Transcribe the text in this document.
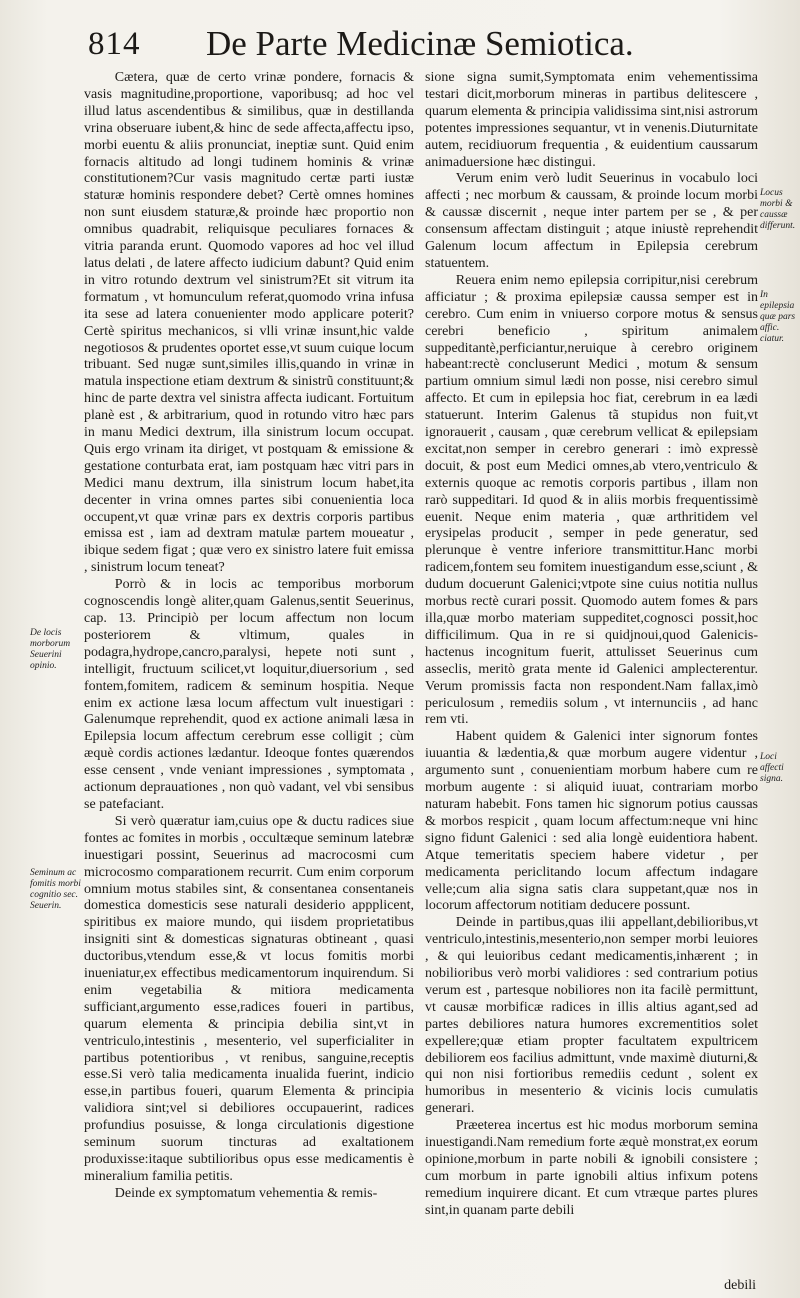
814 De Parte Medicinæ Semiotica.

Cætera, quæ de certo vrinæ pondere, fornacis & vasis magnitudine,proportione, vaporibusq; ad hoc vel illud latus ascendentibus & similibus, quæ in destillanda vrina obseruare iubent,& hinc de sede affecta,affectu ipso, morbi euentu & aliis pronunciat, ineptiæ sunt. Quid enim fornacis altitudo ad longi tudinem hominis & vrinæ constitutionem?Cur vasis magnitudo certæ parti iustæ staturæ hominis respondere debet? Certè omnes homines non sunt eiusdem staturæ,& proinde hæc proportio non omnibus quadrabit, reliquisque peculiares fornaces & vitria paranda erunt. Quomodo vapores ad hoc vel illud latus delati , de latere affecto iudicium dabunt? Quid enim in vitro rotundo dextrum vel sinistrum?Et sit vitrum ita formatum , vt homunculum referat,quomodo vrina infusa ita sese ad latera conuenienter modo applicare poterit? Certè spiritus mechanicos, si vlli vrinæ insunt,hic valde negotiosos & prudentes oportet esse,vt suum cuique locum tribuant. Sed nugæ sunt,similes illis,quando in vrinæ in matula inspectione etiam dextrum & sinistrũ constituunt;& hinc de parte dextra vel sinistra affecta iudicant. Fortuitum planè est , & arbitrarium, quod in rotundo vitro hæc pars in manu Medici dextrum, illa sinistrum locum occupat. Quis ergo vrinam ita diriget, vt postquam & emissione & gestatione conturbata erat, iam postquam hæc vitri pars in Medici manu dextrum, illa sinistrum locum habet,ita decenter in vrina omnes partes sibi conuenientia loca occupent,vt quæ vrinæ pars ex dextris corporis partibus emissa est , iam ad dextram matulæ partem moueatur , ibique sedem figat ; quæ vero ex sinistro latere fuit emissa , sinistrum locum teneat?

Porrò & in locis ac temporibus morborum cognoscendis longè aliter,quam Galenus,sentit Seuerinus, cap. 13. Principiò per locum affectum non locum posteriorem & vltimum, quales in podagra,hydrope,cancro,paralysi, hepete noti sunt , intelligit, fructuum scilicet,vt loquitur,diuersorium , sed fontem,fomitem, radicem & seminum hospitia. Neque enim ex actione læsa locum affectum vult inuestigari : Galenumque reprehendit, quod ex actione animali læsa in Epilepsia locum affectum cerebrum esse colligit ; cùm æquè cordis actiones lædantur. Ideoque fontes quærendos esse censent , vnde veniant impressiones , symptomata , actionum deprauationes , non quò vadant, vel vbi sensibus se patefaciant.

Si verò quæratur iam,cuius ope & ductu radices siue fontes ac fomites in morbis , occultæque seminum latebræ inuestigari possint, Seuerinus ad macrocosmi cum microcosmo comparationem recurrit. Cum enim corporum omnium motus stabiles sint, & consentanea consentaneis domestica domesticis sese naturali desiderio appplicent, spiritibus ex maiore mundo, qui iisdem proprietatibus insigniti sint & domesticas signaturas obtineant , quasi ductoribus,vtendum esse,& vt locus fomitis morbi inueniatur,ex effectibus medicamentorum inquirendum. Si enim vegetabilia & mitiora medicamenta sufficiant,argumento esse,radices foueri in partibus, quarum elementa & principia debilia sint,vt in ventriculo,intestinis , mesenterio, vel superficialiter in partibus potentioribus , vt renibus, sanguine,receptis esse.Si verò talia medicamenta inualida fuerint, indicio esse,in partibus foueri, quarum Elementa & principia validiora sint;vel si debiliores occupauerint, radices profundius posuisse, & longa circulationis digestione seminum suorum tincturas ad exaltationem produxisse:itaque subtilioribus opus esse medicamentis è mineralium familia petitis.

Deinde ex symptomatum vehementia & remis-

sione signa sumit,Symptomata enim vehementissima testari dicit,morborum mineras in partibus delitescere , quarum elementa & principia validissima sint,nisi astrorum potentes impressiones sequantur, vt in venenis.Diuturnitate autem, recidiuorum frequentia , & euidentium caussarum animaduersione hæc distingui.

Verum enim verò ludit Seuerinus in vocabulo loci affecti ; nec morbum & caussam, & proinde locum morbi & caussæ discernit , neque inter partem per se , & per consensum affectam distinguit ; atque iniustè reprehendit Galenum locum affectum in Epilepsia cerebrum statuentem.

Reuera enim nemo epilepsia corripitur,nisi cerebrum afficiatur ; & proxima epilepsiæ caussa semper est in cerebro. Cum enim in vniuerso corpore motus & sensus cerebri beneficio , spiritum animalem suppeditantè,perficiantur,neruique à cerebro originem habeant:rectè concluserunt Medici , motum & sensum partium omnium simul lædi non posse, nisi cerebro simul affecto. Et cum in epilepsia hoc fiat, cerebrum in ea lædi statuerunt. Interim Galenus tã stupidus non fuit,vt ignorauerit , causam , quæ cerebrum vellicat & epilepsiam excitat,non semper in cerebro generari : imò expressè docuit, & post eum Medici omnes,ab vtero,ventriculo & externis quoque ac remotis corporis partibus , illam non rarò suppeditari. Id quod & in aliis morbis frequentissimè euenit. Neque enim materia , quæ arthritidem vel erysipelas producit , semper in pede generatur, sed plerunque è ventre inferiore transmittitur.Hanc morbi radicem,fontem seu fomitem inuestigandum esse,sciunt , & dudum docuerunt Galenici;vtpote sine cuius notitia nullus morbus rectè curari possit. Quomodo autem fomes & pars illa,quæ morbo materiam suppeditet,cognosci possit,hoc difficilimum. Qua in re si quidjnoui,quod Galenicis-hactenus incognitum fuerit, attulisset Seuerinus cum asseclis, meritò grata mente id Galenici amplecterentur. Verum promissis facta non respondent.Nam fallax,imò periculosum , remediis solum , vt internunciis , ad hanc rem vti.

Habent quidem & Galenici inter signorum fontes iuuantia & lædentia,& quæ morbum augere videntur , argumento sunt , conuenientiam morbum habere cum re morbum augente : si aliquid iuuat, contrariam morbo naturam habebit. Fons tamen hic signorum potius caussas & morbos respicit , quam locum affectum:neque vni hinc signo fidunt Galenici : sed alia longè euidentiora habent. Atque temeritatis speciem habere videtur , per medicamenta periclitando locum affectum indagare velle;cum alia signa satis clara suppetant,quæ nos in locorum affectorum notitiam deducere possunt.

Deinde in partibus,quas ilii appellant,debilioribus,vt ventriculo,intestinis,mesenterio,non semper morbi leuiores , & qui leuioribus cedant medicamentis,inhærent ; in nobilioribus verò morbi validiores : sed contrarium potius verum est , partesque nobiliores non ita facilè permittunt, vt causæ morbificæ radices in illis altius agant,sed ad partes debiliores natura humores excrementitios solet expellere;quæ etiam propter facultatem expultricem debiliorem eos facilius admittunt, vnde maximè diuturni,& qui non nisi fortioribus remediis cedunt , solent ex humoribus in mesenterio & vicinis locis cumulatis generari.

Præeterea incertus est hic modus morborum semina inuestigandi.Nam remedium forte æquè monstrat,ex eorum opinione,morbum in parte nobili & ignobili consistere ; cum morbum in parte ignobili altius infixum potens remedium inquirere dicant. Et cum vtræque partes plures sint,in quanam parte debili

De locis morborum Seuerini opinio.
Seminum ac fomitis morbi cognitio sec. Seuerin.
Locus morbi & caussæ differunt.
In epilepsia quæ pars affic. ciatur.
Loci affecti signa.
debili
